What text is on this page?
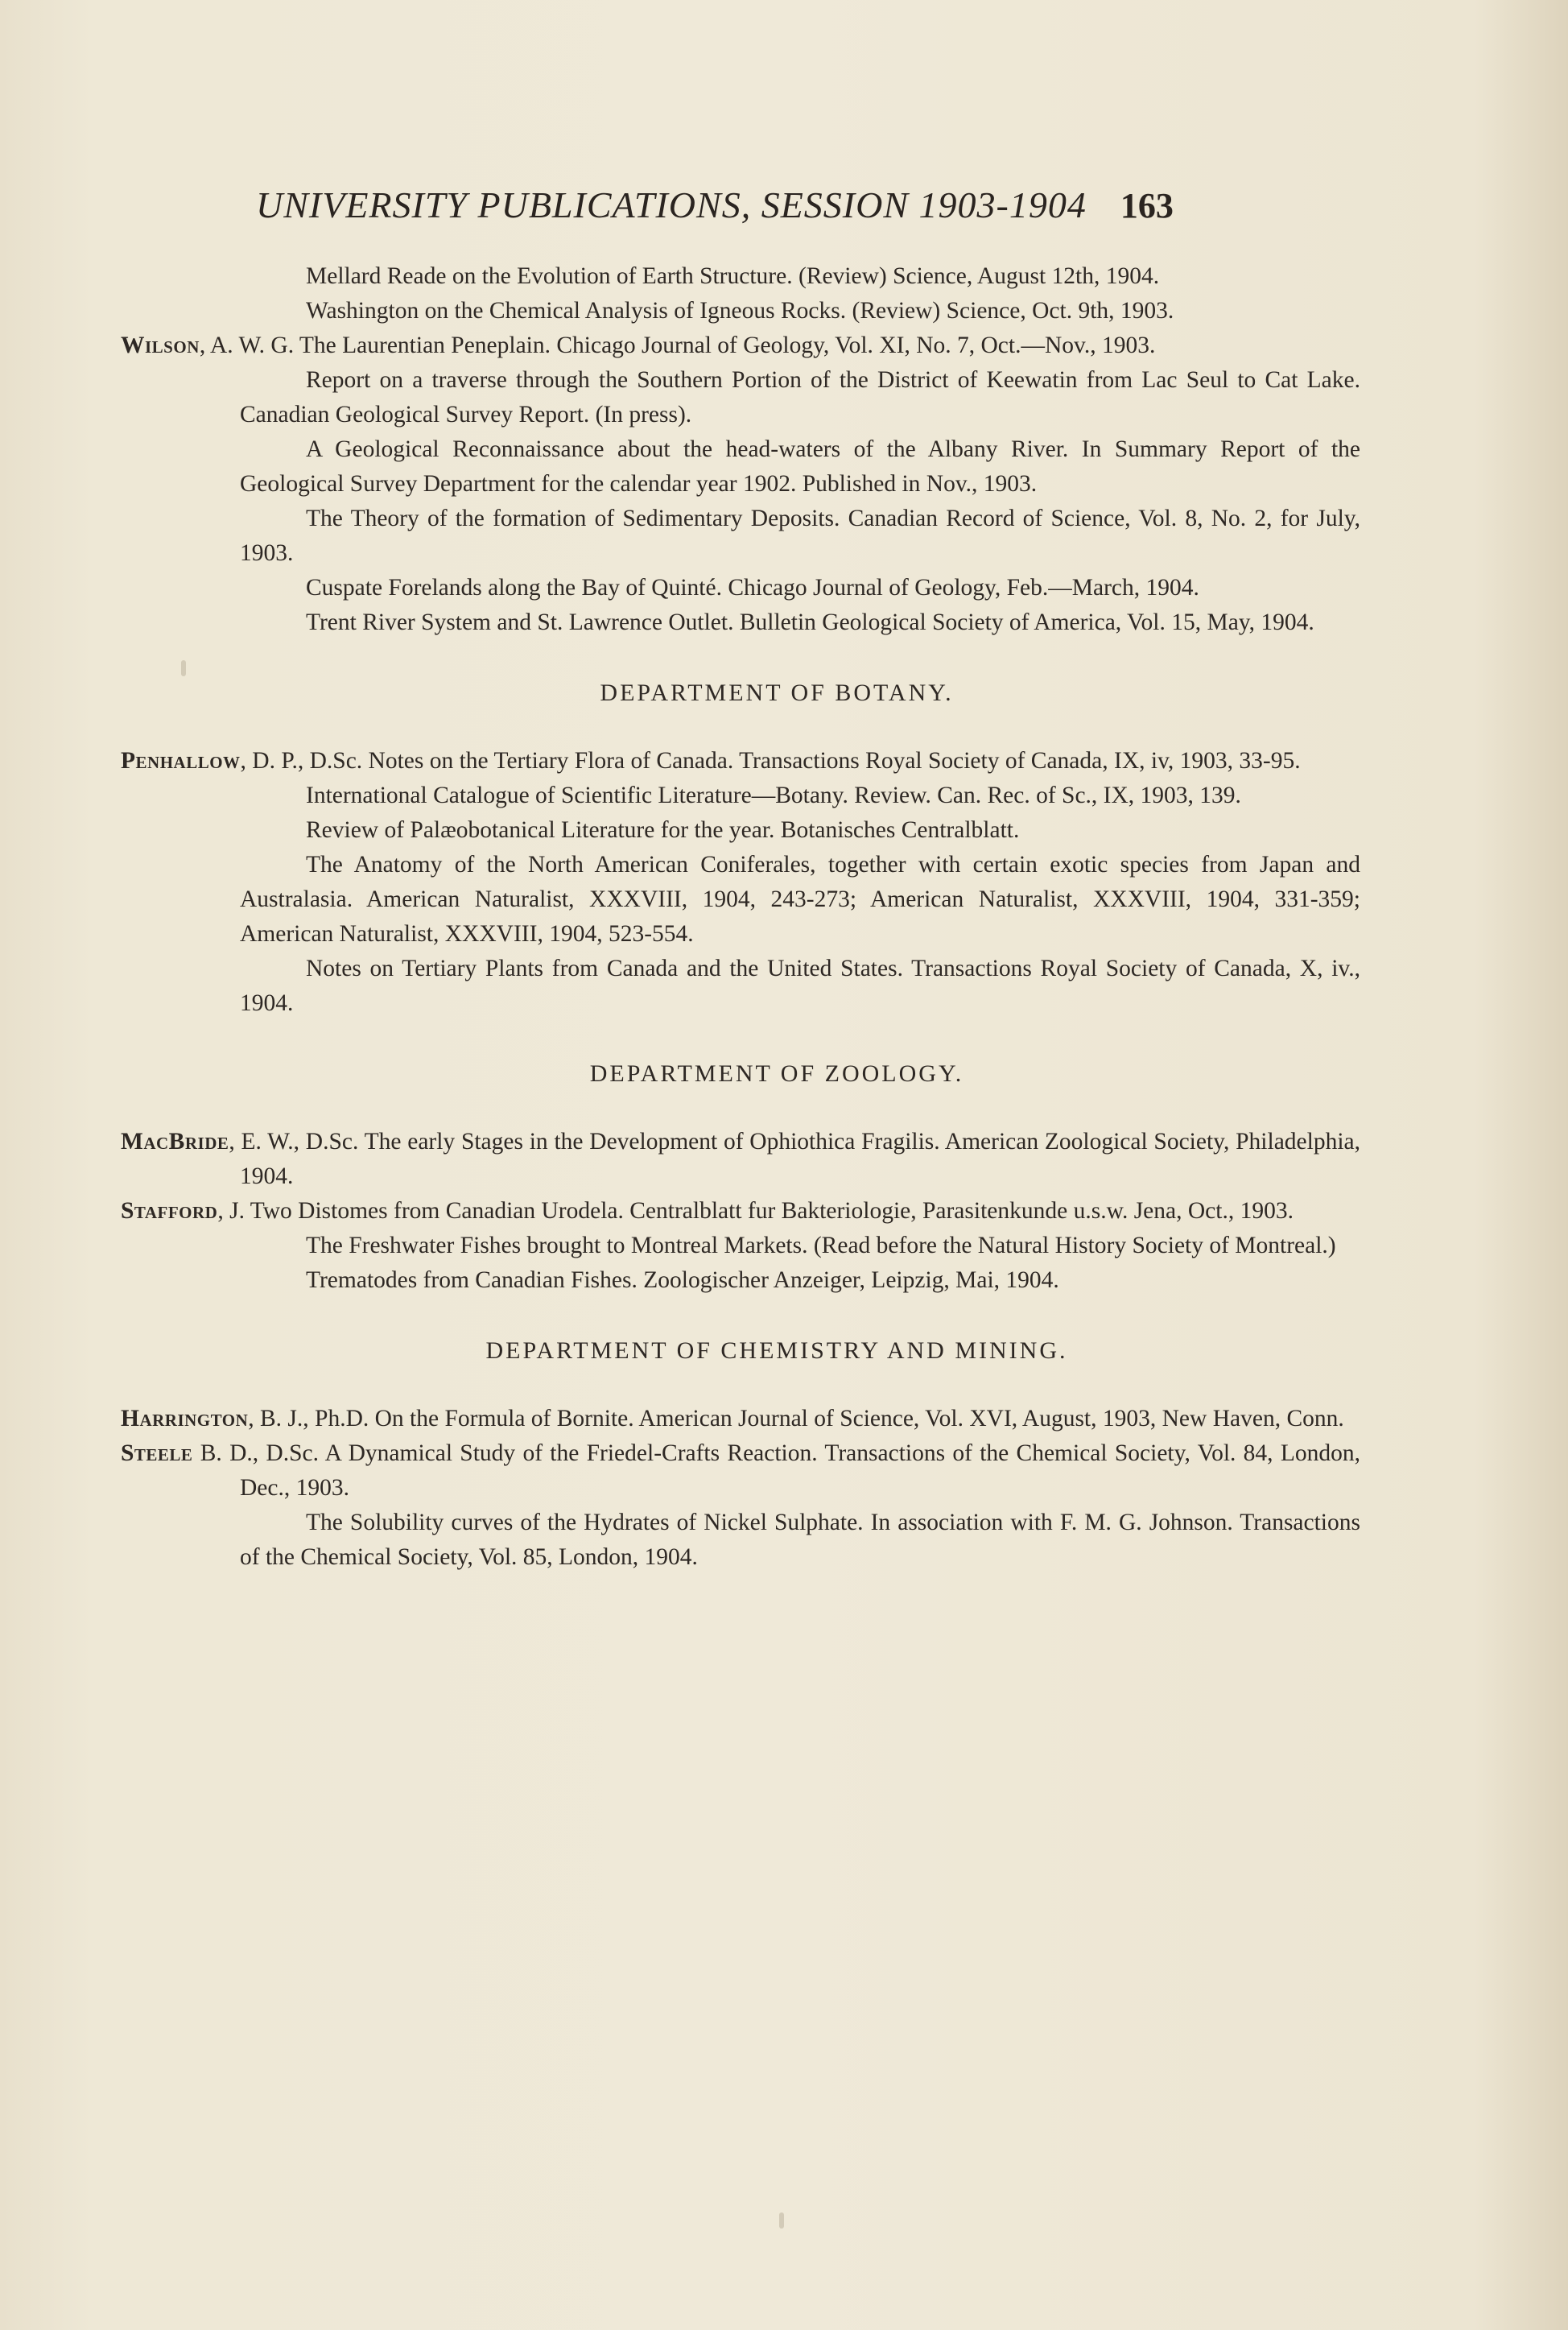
UNIVERSITY PUBLICATIONS, SESSION 1903-1904 163

Mellard Reade on the Evolution of Earth Structure. (Review) Science, August 12th, 1904.

Washington on the Chemical Analysis of Igneous Rocks. (Review) Science, Oct. 9th, 1903.

Wilson, A. W. G. The Laurentian Peneplain. Chicago Journal of Geology, Vol. XI, No. 7, Oct.—Nov., 1903.

Report on a traverse through the Southern Portion of the District of Keewatin from Lac Seul to Cat Lake. Canadian Geological Survey Report. (In press).

A Geological Reconnaissance about the head-waters of the Albany River. In Summary Report of the Geological Survey Department for the calendar year 1902. Published in Nov., 1903.

The Theory of the formation of Sedimentary Deposits. Canadian Record of Science, Vol. 8, No. 2, for July, 1903.

Cuspate Forelands along the Bay of Quinté. Chicago Journal of Geology, Feb.—March, 1904.

Trent River System and St. Lawrence Outlet. Bulletin Geological Society of America, Vol. 15, May, 1904.

DEPARTMENT OF BOTANY.

Penhallow, D. P., D.Sc. Notes on the Tertiary Flora of Canada. Transactions Royal Society of Canada, IX, iv, 1903, 33-95.

International Catalogue of Scientific Literature—Botany. Review. Can. Rec. of Sc., IX, 1903, 139.

Review of Palæobotanical Literature for the year. Botanisches Centralblatt.

The Anatomy of the North American Coniferales, together with certain exotic species from Japan and Australasia. American Naturalist, XXXVIII, 1904, 243-273; American Naturalist, XXXVIII, 1904, 331-359; American Naturalist, XXXVIII, 1904, 523-554.

Notes on Tertiary Plants from Canada and the United States. Transactions Royal Society of Canada, X, iv., 1904.

DEPARTMENT OF ZOOLOGY.

MacBride, E. W., D.Sc. The early Stages in the Development of Ophiothica Fragilis. American Zoological Society, Philadelphia, 1904.

Stafford, J. Two Distomes from Canadian Urodela. Centralblatt fur Bakteriologie, Parasitenkunde u.s.w. Jena, Oct., 1903.

The Freshwater Fishes brought to Montreal Markets. (Read before the Natural History Society of Montreal.)

Trematodes from Canadian Fishes. Zoologischer Anzeiger, Leipzig, Mai, 1904.

DEPARTMENT OF CHEMISTRY AND MINING.

Harrington, B. J., Ph.D. On the Formula of Bornite. American Journal of Science, Vol. XVI, August, 1903, New Haven, Conn.

Steele B. D., D.Sc. A Dynamical Study of the Friedel-Crafts Reaction. Transactions of the Chemical Society, Vol. 84, London, Dec., 1903.

The Solubility curves of the Hydrates of Nickel Sulphate. In association with F. M. G. Johnson. Transactions of the Chemical Society, Vol. 85, London, 1904.
